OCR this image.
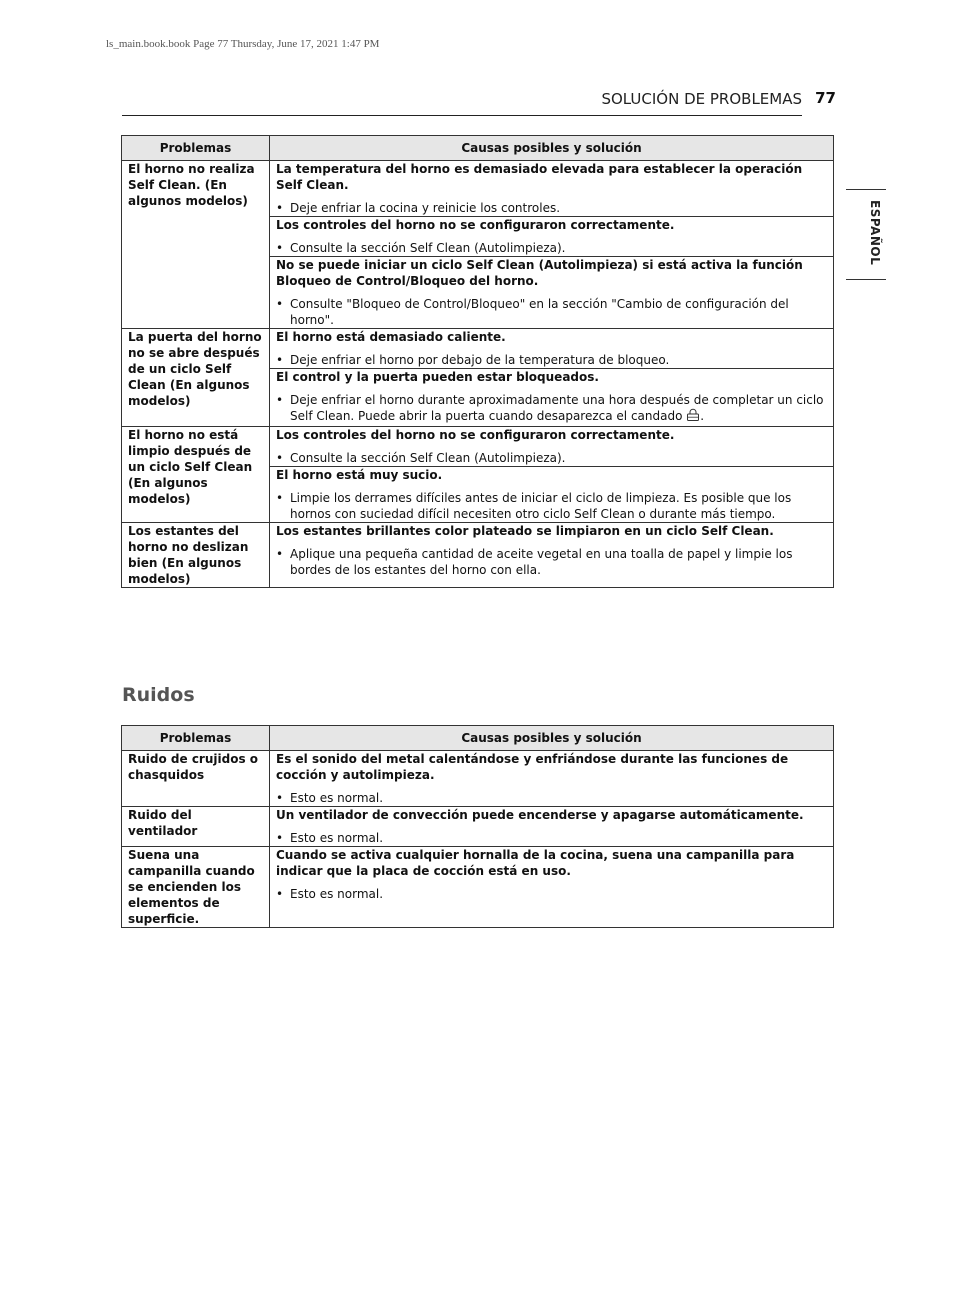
ls_main.book.book Page 77 Thursday, June 17, 2021 1:47 PM
SOLUCIÓN DE PROBLEMAS 77
ESPAÑOL
Problemas	Causas posibles y solución
El horno no realiza Self Clean. (En algunos modelos)	La temperatura del horno es demasiado elevada para establecer la operación Self Clean.
• Deje enfriar la cocina y reinicie los controles.

	Los controles del horno no se configuraron correctamente.
• Consulte la sección Self Clean (Autolimpieza).

	No se puede iniciar un ciclo Self Clean (Autolimpieza) si está activa la función Bloqueo de Control/Bloqueo del horno.
• Consulte "Bloqueo de Control/Bloqueo" en la sección "Cambio de configuración del horno".

La puerta del horno no se abre después de un ciclo Self Clean (En algunos modelos)	El horno está demasiado caliente.
• Deje enfriar el horno por debajo de la temperatura de bloqueo.

	El control y la puerta pueden estar bloqueados.
• Deje enfriar el horno durante aproximadamente una hora después de completar un ciclo Self Clean. Puede abrir la puerta cuando desaparezca el candado .

El horno no está limpio después de un ciclo Self Clean (En algunos modelos)	Los controles del horno no se configuraron correctamente.
• Consulte la sección Self Clean (Autolimpieza).

	El horno está muy sucio.
• Limpie los derrames difíciles antes de iniciar el ciclo de limpieza. Es posible que los hornos con suciedad difícil necesiten otro ciclo Self Clean o durante más tiempo.

Los estantes del horno no deslizan bien (En algunos modelos)	Los estantes brillantes color plateado se limpiaron en un ciclo Self Clean.
• Aplique una pequeña cantidad de aceite vegetal en una toalla de papel y limpie los bordes de los estantes del horno con ella.
Ruidos
Problemas	Causas posibles y solución
Ruido de crujidos o chasquidos	Es el sonido del metal calentándose y enfriándose durante las funciones de cocción y autolimpieza.
• Esto es normal.

Ruido del ventilador	Un ventilador de convección puede encenderse y apagarse automáticamente.
• Esto es normal.

Suena una campanilla cuando se encienden los elementos de superficie.	Cuando se activa cualquier hornalla de la cocina, suena una campanilla para indicar que la placa de cocción está en uso.
• Esto es normal.
